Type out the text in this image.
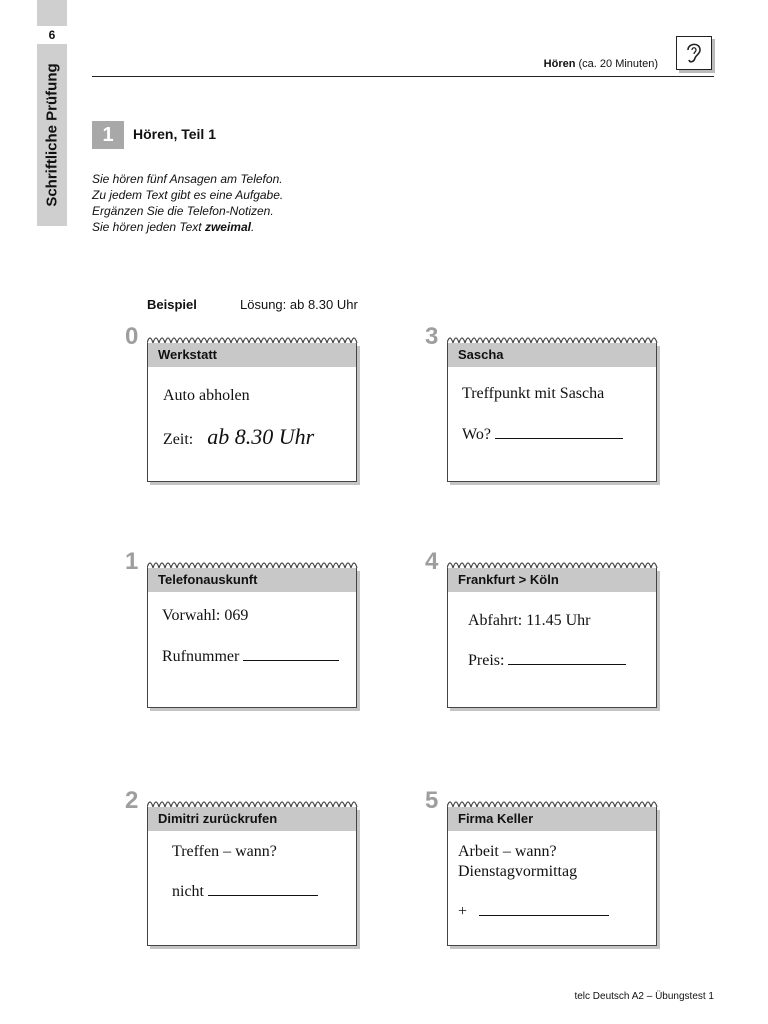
6
Schriftliche Prüfung	Hören (ca. 20 Minuten)
1	Hören, Teil 1
Sie hören fünf Ansagen am Telefon.
Zu jedem Text gibt es eine Aufgabe.
Ergänzen Sie die Telefon-Notizen.
Sie hören jeden Text zweimal.
Beispiel	Lösung: ab 8.30 Uhr
0
Werkstatt
Auto abholen
Zeit: ab 8.30 Uhr
3
Sascha
Treffpunkt mit Sascha
Wo?
1
Telefonauskunft
Vorwahl: 069
Rufnummer
4
Frankfurt > Köln
Abfahrt: 11.45 Uhr
Preis:
2
Dimitri zurückrufen
Treffen – wann?
nicht
5
Firma Keller
Arbeit – wann?
Dienstagvormittag
+
telc Deutsch A2 – Übungstest 1
